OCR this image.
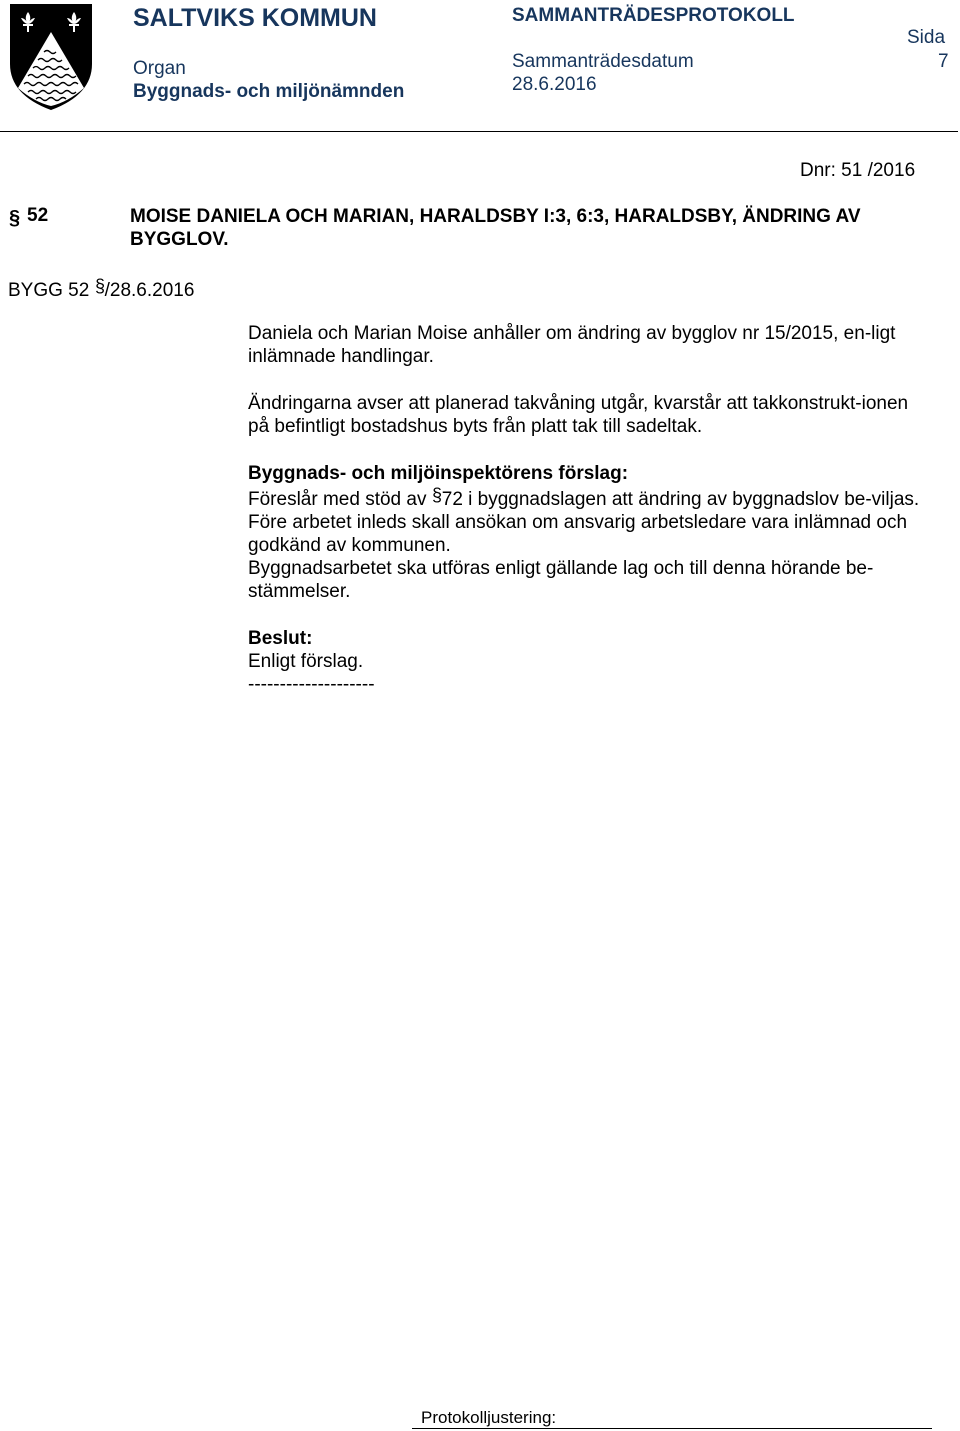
SALTVIKS KOMMUN	SAMMANTRÄDESPROTOKOLL
Sida
7
Organ
Byggnads- och miljönämnden
Sammanträdesdatum
28.6.2016
Dnr: 51 /2016
§ 52	MOISE DANIELA OCH MARIAN, HARALDSBY I:3, 6:3, HARALDSBY, ÄNDRING AV BYGGLOV.
BYGG 52 § /28.6.2016

Daniela och Marian Moise anhåller om ändring av bygglov nr 15/2015, en-ligt inlämnade handlingar.

Ändringarna avser att planerad takvåning utgår, kvarstår att takkonstrukt-ionen på befintligt bostadshus byts från platt tak till sadeltak.

Byggnads- och miljöinspektörens förslag:

Föreslår med stöd av § 72 i byggnadslagen att ändring av byggnadslov be-viljas.

Före arbetet inleds skall ansökan om ansvarig arbetsledare vara inlämnad och godkänd av kommunen.

Byggnadsarbetet ska utföras enligt gällande lag och till denna hörande be-stämmelser.

Beslut:

Enligt förslag.

--------------------

Protokolljustering:
